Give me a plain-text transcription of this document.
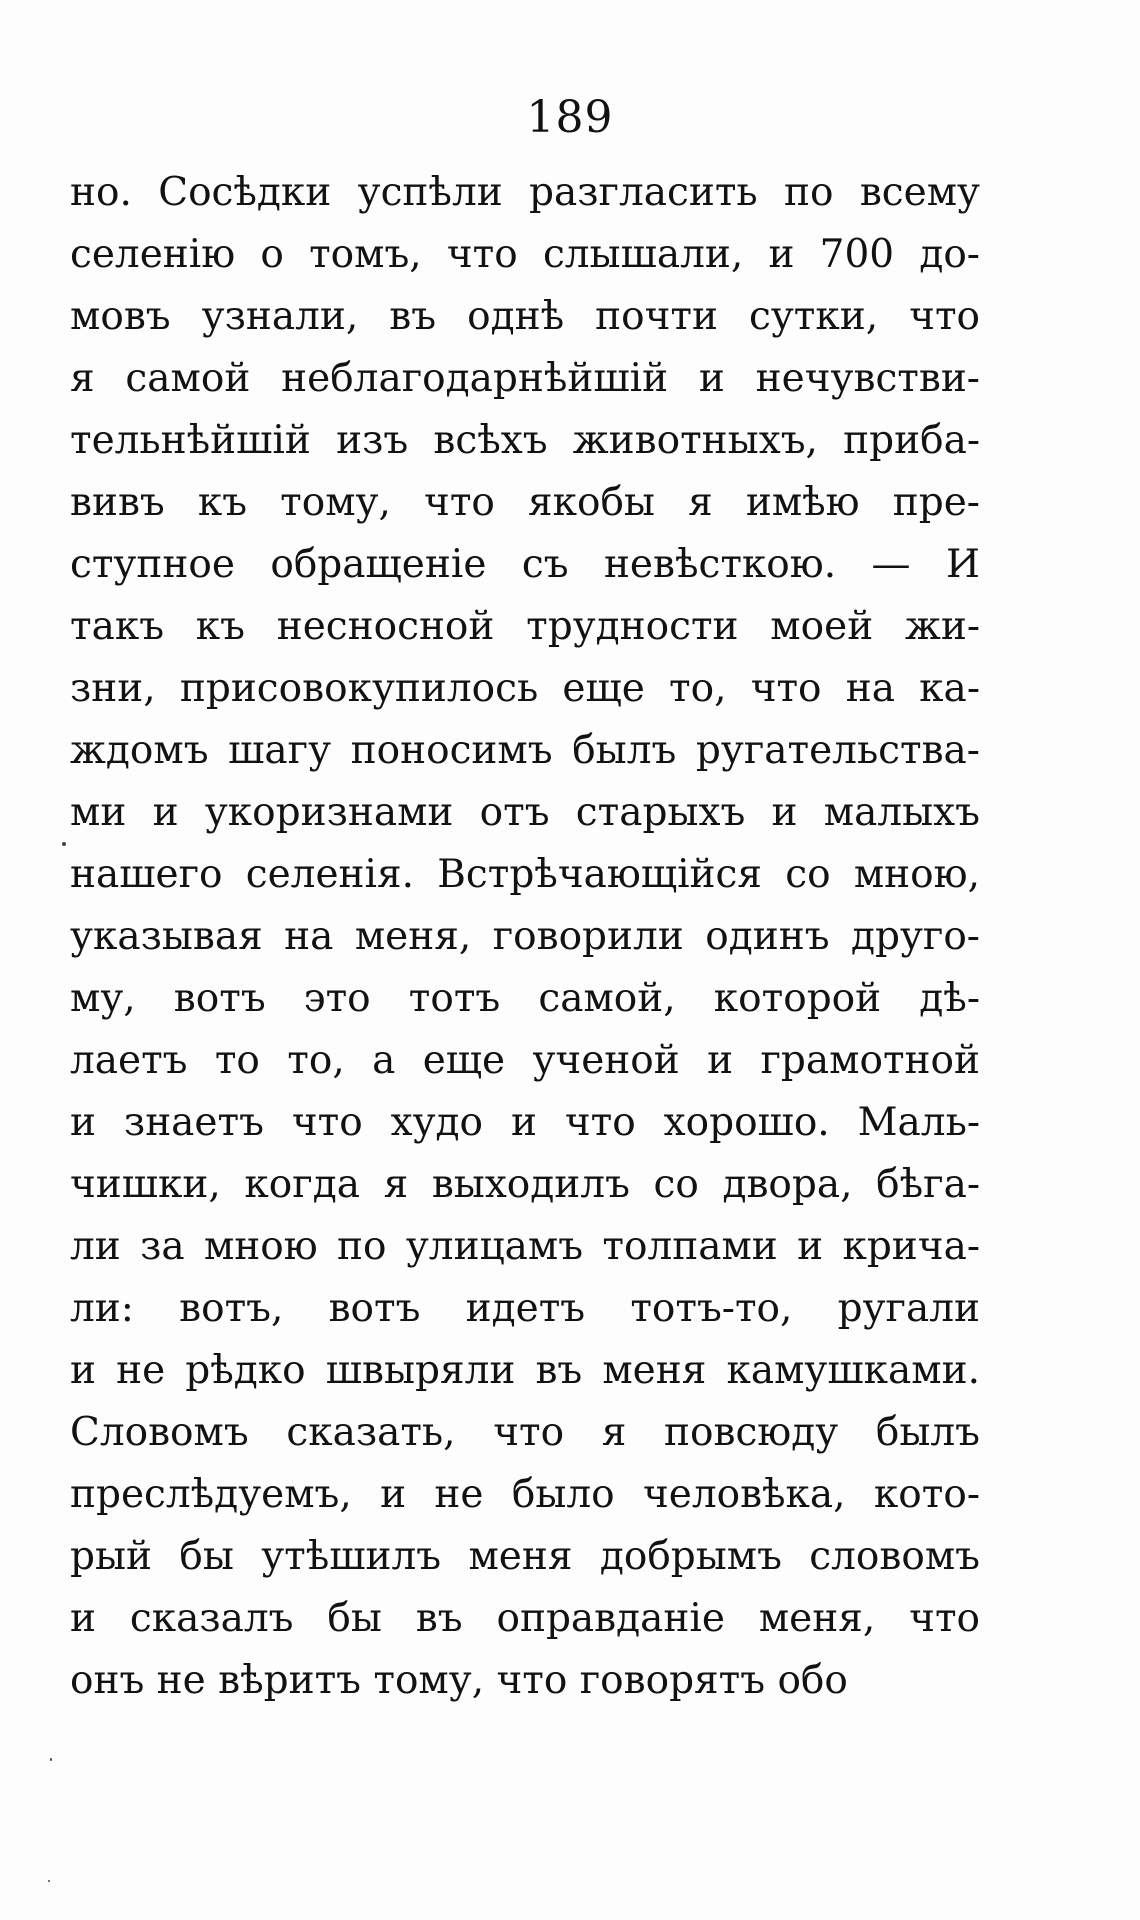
189
но. Сосѣдки успѣли разгласить по всему
селенію о томъ, что слышали, и 700 до-
мовъ узнали, въ однѣ почти сутки, что
я самой неблагодарнѣйшій и нечувстви-
тельнѣйшій изъ всѣхъ животныхъ, приба-
вивъ къ тому, что якобы я имѣю пре-
ступное обращеніе съ невѣсткою. — И
такъ къ несносной трудности моей жи-
зни, присовокупилось еще то, что на ка-
ждомъ шагу поносимъ былъ ругательства-
ми и укоризнами отъ старыхъ и малыхъ
нашего селенія. Встрѣчающійся со мною,
указывая на меня, говорили одинъ друго-
му, вотъ это тотъ самой, которой дѣ-
лаетъ то то, а еще ученой и грамотной
и знаетъ что худо и что хорошо. Маль-
чишки, когда я выходилъ со двора, бѣга-
ли за мною по улицамъ толпами и крича-
ли: вотъ, вотъ идетъ тотъ-то, ругали
и не рѣдко швыряли въ меня камушками.
Словомъ сказать, что я повсюду былъ
преслѣдуемъ, и не было человѣка, кото-
рый бы утѣшилъ меня добрымъ словомъ
и сказалъ бы въ оправданіе меня, что
онъ не вѣритъ тому, что говорятъ обо
